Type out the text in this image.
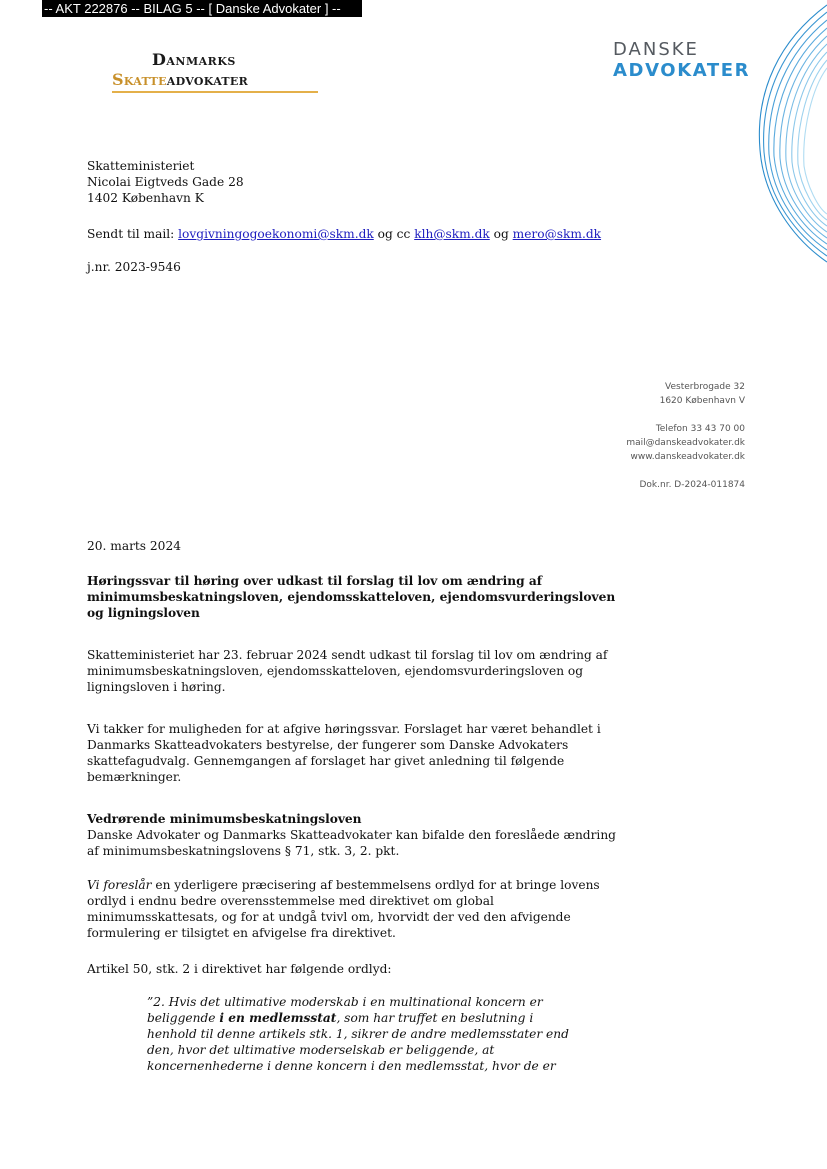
-- AKT 222876 -- BILAG 5 -- [ Danske Advokater ] --
Danmarks
Skatteadvokater
DANSKE
ADVOKATER
Skatteministeriet
Nicolai Eigtveds Gade 28
1402 København K
Sendt til mail: lovgivningogoekonomi@skm.dk og cc klh@skm.dk og mero@skm.dk
j.nr. 2023-9546
Vesterbrogade 32
1620 København V
Telefon 33 43 70 00
mail@danskeadvokater.dk
www.danskeadvokater.dk
Dok.nr. D-2024-011874
20. marts 2024
Høringssvar til høring over udkast til forslag til lov om ændring af minimumsbeskatningsloven, ejendomsskatteloven, ejendomsvurderingsloven og ligningsloven
Skatteministeriet har 23. februar 2024 sendt udkast til forslag til lov om ændring af minimumsbeskatningsloven, ejendomsskatteloven, ejendomsvurderingsloven og ligningsloven i høring.
Vi takker for muligheden for at afgive høringssvar. Forslaget har været behandlet i Danmarks Skatteadvokaters bestyrelse, der fungerer som Danske Advokaters skattefagudvalg. Gennemgangen af forslaget har givet anledning til følgende bemærkninger.
Vedrørende minimumsbeskatningsloven
Danske Advokater og Danmarks Skatteadvokater kan bifalde den foreslåede ændring af minimumsbeskatningslovens § 71, stk. 3, 2. pkt.
Vi foreslår en yderligere præcisering af bestemmelsens ordlyd for at bringe lovens ordlyd i endnu bedre overensstemmelse med direktivet om global minimumsskattesats, og for at undgå tvivl om, hvorvidt der ved den afvigende formulering er tilsigtet en afvigelse fra direktivet.
Artikel 50, stk. 2 i direktivet har følgende ordlyd:
”2. Hvis det ultimative moderskab i en multinational koncern er beliggende i en medlemsstat, som har truffet en beslutning i henhold til denne artikels stk. 1, sikrer de andre medlemsstater end den, hvor det ultimative moderselskab er beliggende, at koncernenhederne i denne koncern i den medlemsstat, hvor de er
